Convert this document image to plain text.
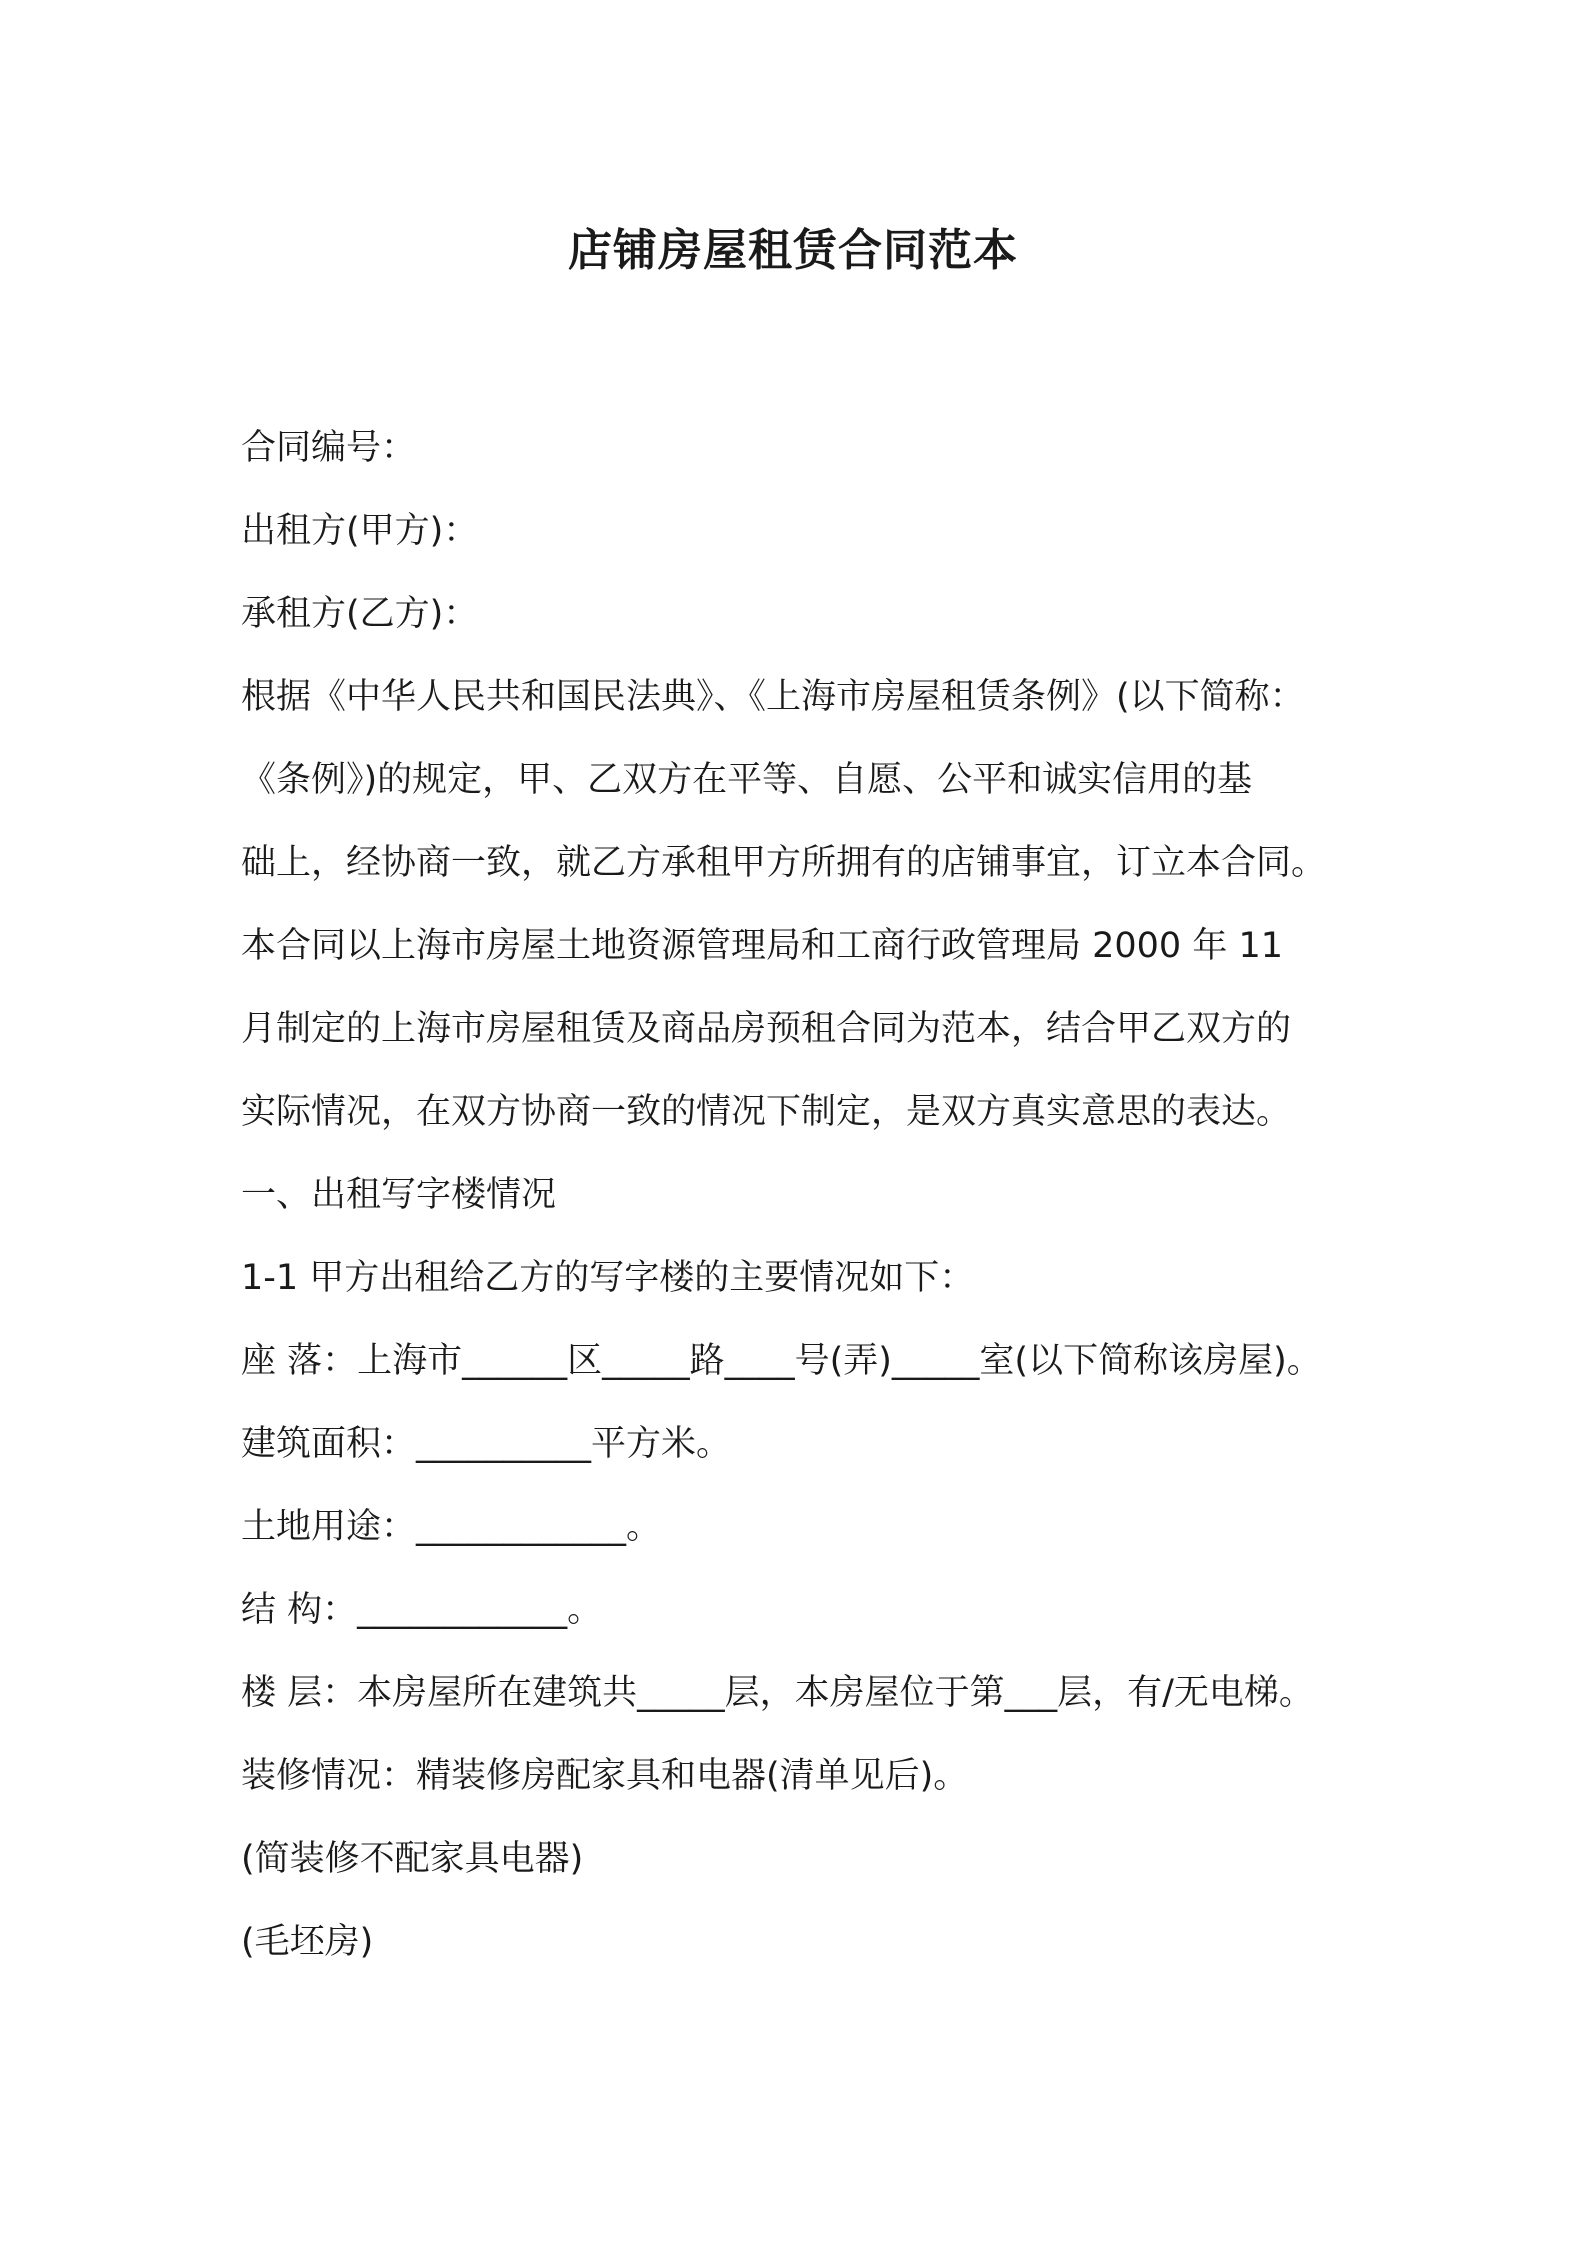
店铺房屋租赁合同范本
合同编号：
出租方(甲方)：
承租方(乙方)：
根据《中华人民共和国民法典》、《上海市房屋租赁条例》(以下简称：
《条例》)的规定，甲、乙双方在平等、自愿、公平和诚实信用的基
础上，经协商一致，就乙方承租甲方所拥有的店铺事宜，订立本合同。
本合同以上海市房屋土地资源管理局和工商行政管理局 2000 年 11
月制定的上海市房屋租赁及商品房预租合同为范本，结合甲乙双方的
实际情况，在双方协商一致的情况下制定，是双方真实意思的表达。
一、出租写字楼情况
1-1 甲方出租给乙方的写字楼的主要情况如下：
座 落：上海市______区_____路____号(弄)_____室(以下简称该房屋)。
建筑面积：__________平方米。
土地用途：____________。
结 构：____________。
楼 层：本房屋所在建筑共_____层，本房屋位于第___层，有/无电梯。
装修情况：精装修房配家具和电器(清单见后)。
(简装修不配家具电器)
(毛坯房)
